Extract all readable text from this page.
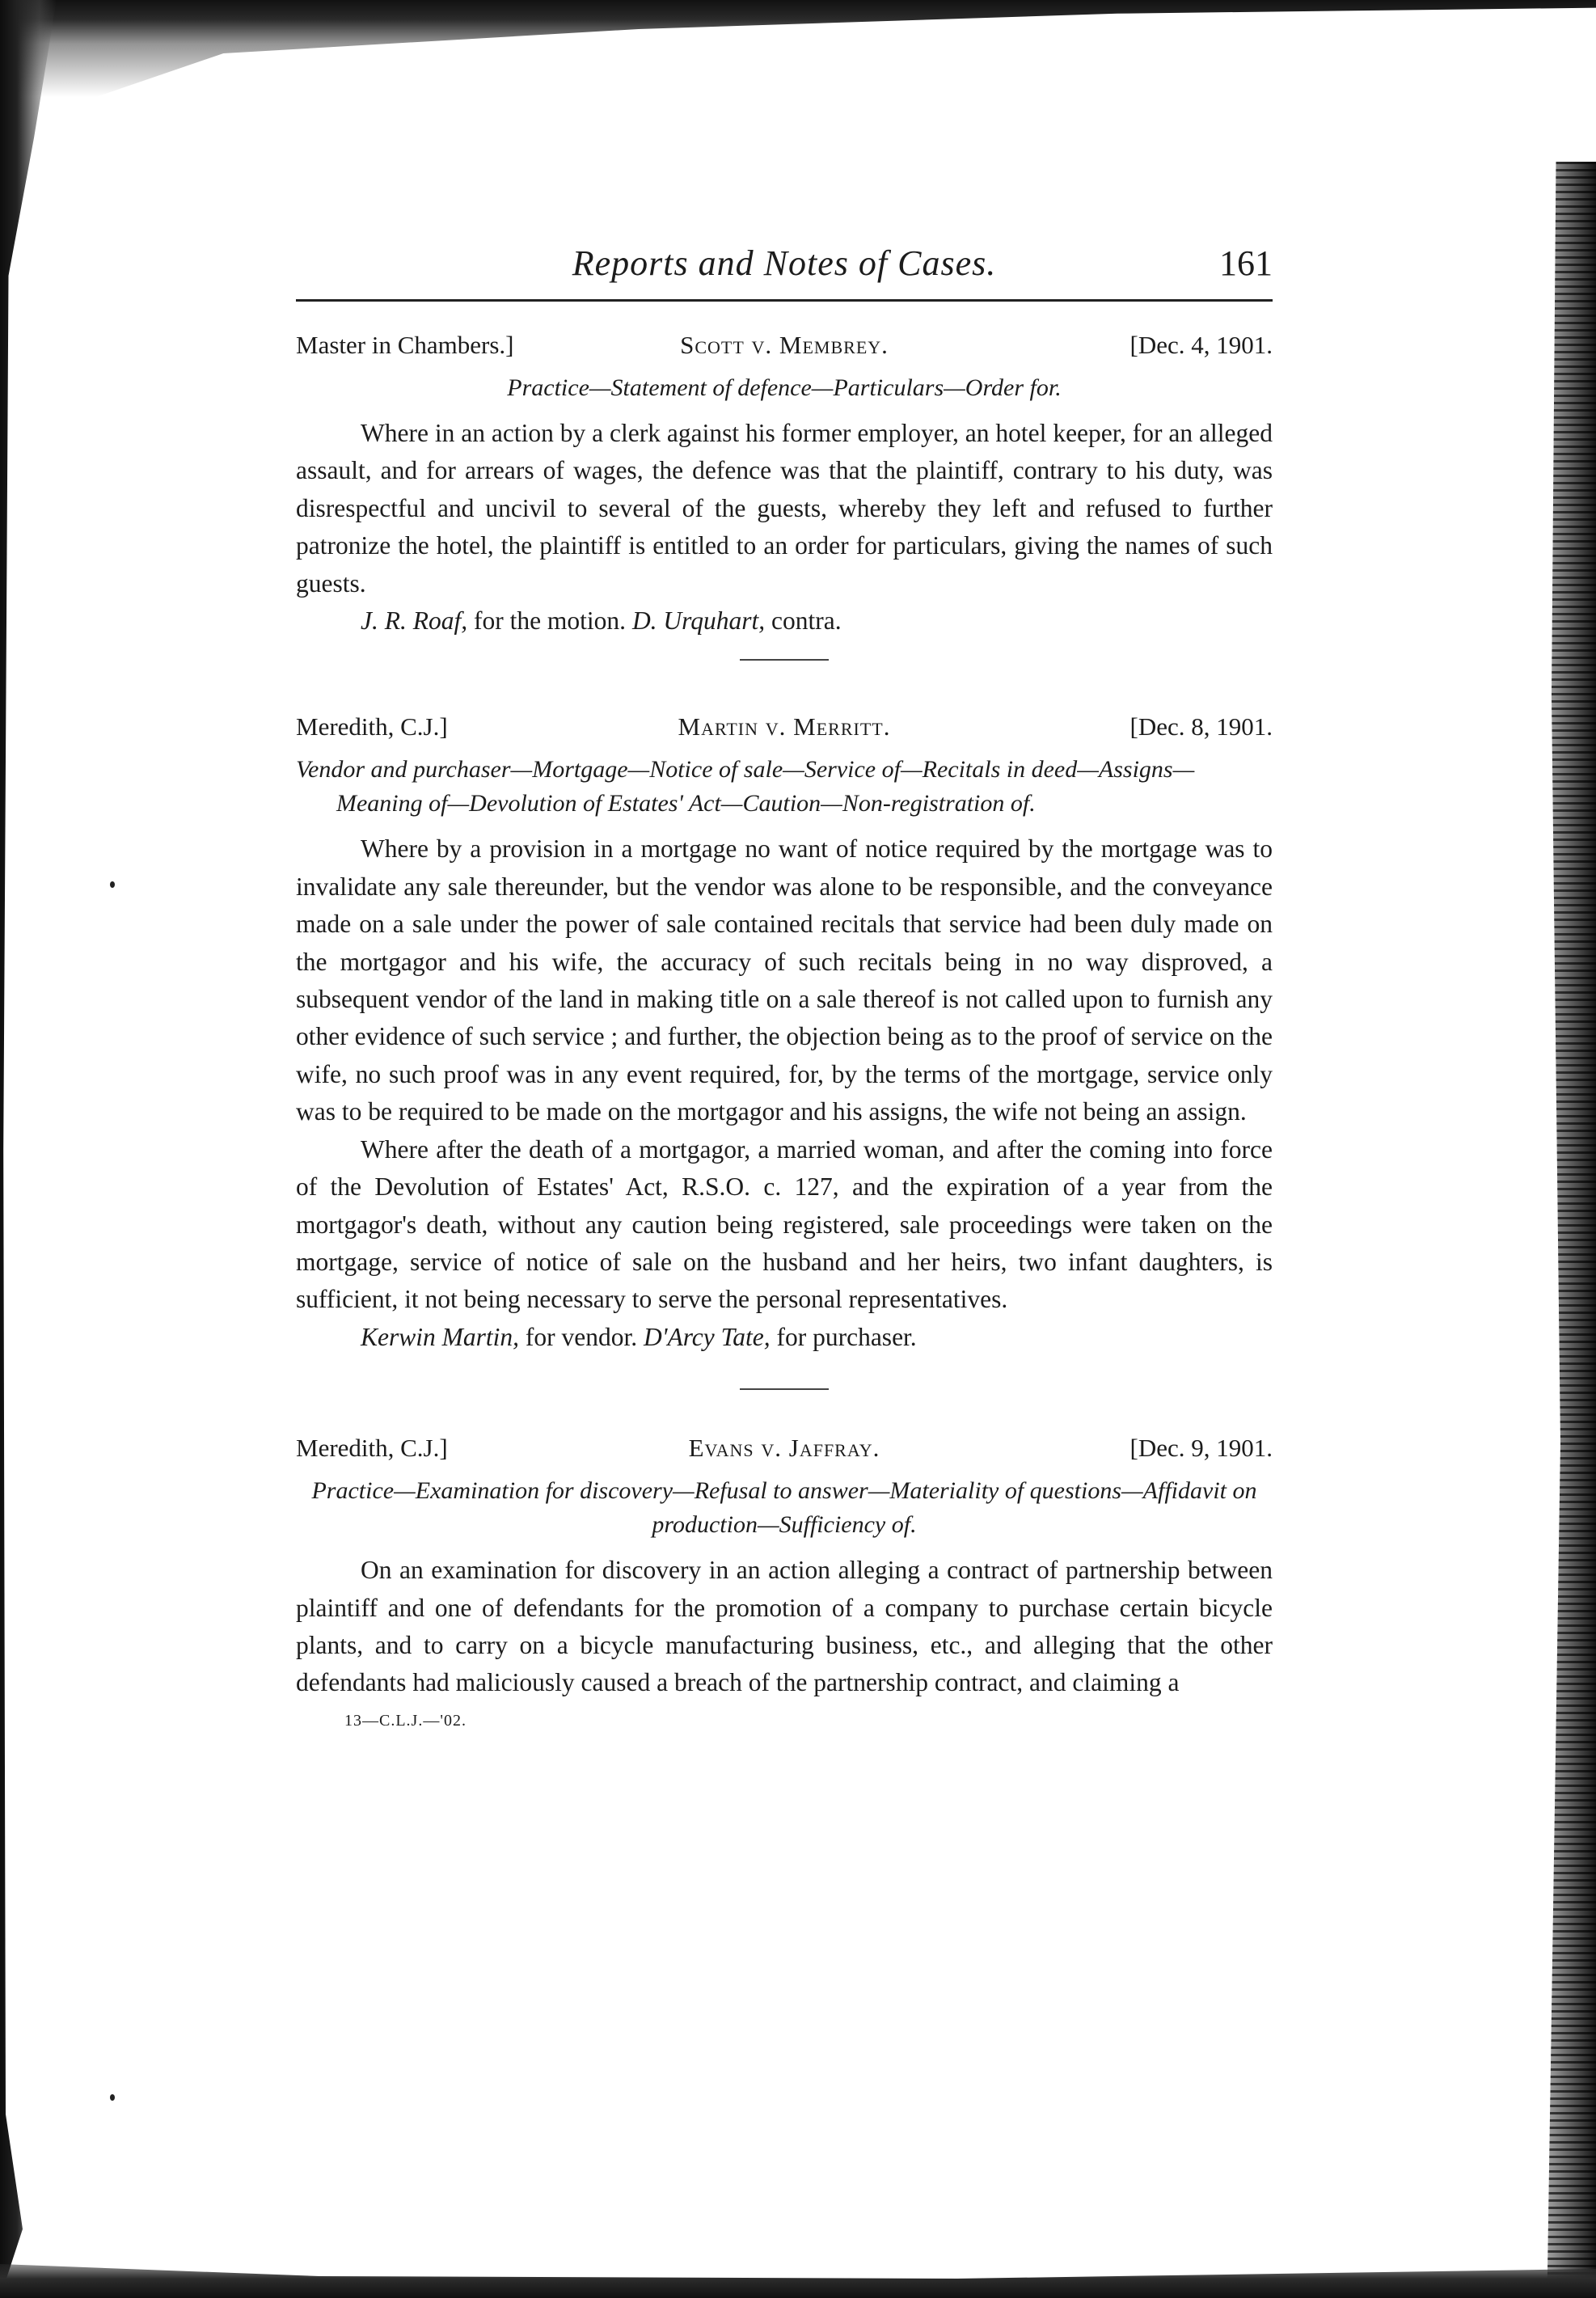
Reports and Notes of Cases.	161
Master in Chambers.]	Scott v. Membrey.	[Dec. 4, 1901.
Practice—Statement of defence—Particulars—Order for.

Where in an action by a clerk against his former employer, an hotel keeper, for an alleged assault, and for arrears of wages, the defence was that the plaintiff, contrary to his duty, was disrespectful and uncivil to several of the guests, whereby they left and refused to further patronize the hotel, the plaintiff is entitled to an order for particulars, giving the names of such guests.

J. R. Roaf, for the motion. D. Urquhart, contra.

Meredith, C.J.]	Martin v. Merritt.	[Dec. 8, 1901.
Vendor and purchaser—Mortgage—Notice of sale—Service of—Recitals in deed—Assigns—Meaning of—Devolution of Estates' Act—Caution—Non-registration of.

Where by a provision in a mortgage no want of notice required by the mortgage was to invalidate any sale thereunder, but the vendor was alone to be responsible, and the conveyance made on a sale under the power of sale contained recitals that service had been duly made on the mortgagor and his wife, the accuracy of such recitals being in no way disproved, a subsequent vendor of the land in making title on a sale thereof is not called upon to furnish any other evidence of such service ; and further, the objection being as to the proof of service on the wife, no such proof was in any event required, for, by the terms of the mortgage, service only was to be required to be made on the mortgagor and his assigns, the wife not being an assign.

Where after the death of a mortgagor, a married woman, and after the coming into force of the Devolution of Estates' Act, R.S.O. c. 127, and the expiration of a year from the mortgagor's death, without any caution being registered, sale proceedings were taken on the mortgage, service of notice of sale on the husband and her heirs, two infant daughters, is sufficient, it not being necessary to serve the personal representatives.

Kerwin Martin, for vendor. D'Arcy Tate, for purchaser.

Meredith, C.J.]	Evans v. Jaffray.	[Dec. 9, 1901.
Practice—Examination for discovery—Refusal to answer—Materiality of questions—Affidavit on production—Sufficiency of.

On an examination for discovery in an action alleging a contract of partnership between plaintiff and one of defendants for the promotion of a company to purchase certain bicycle plants, and to carry on a bicycle manufacturing business, etc., and alleging that the other defendants had maliciously caused a breach of the partnership contract, and claiming a

13—C.L.J.—'02.
